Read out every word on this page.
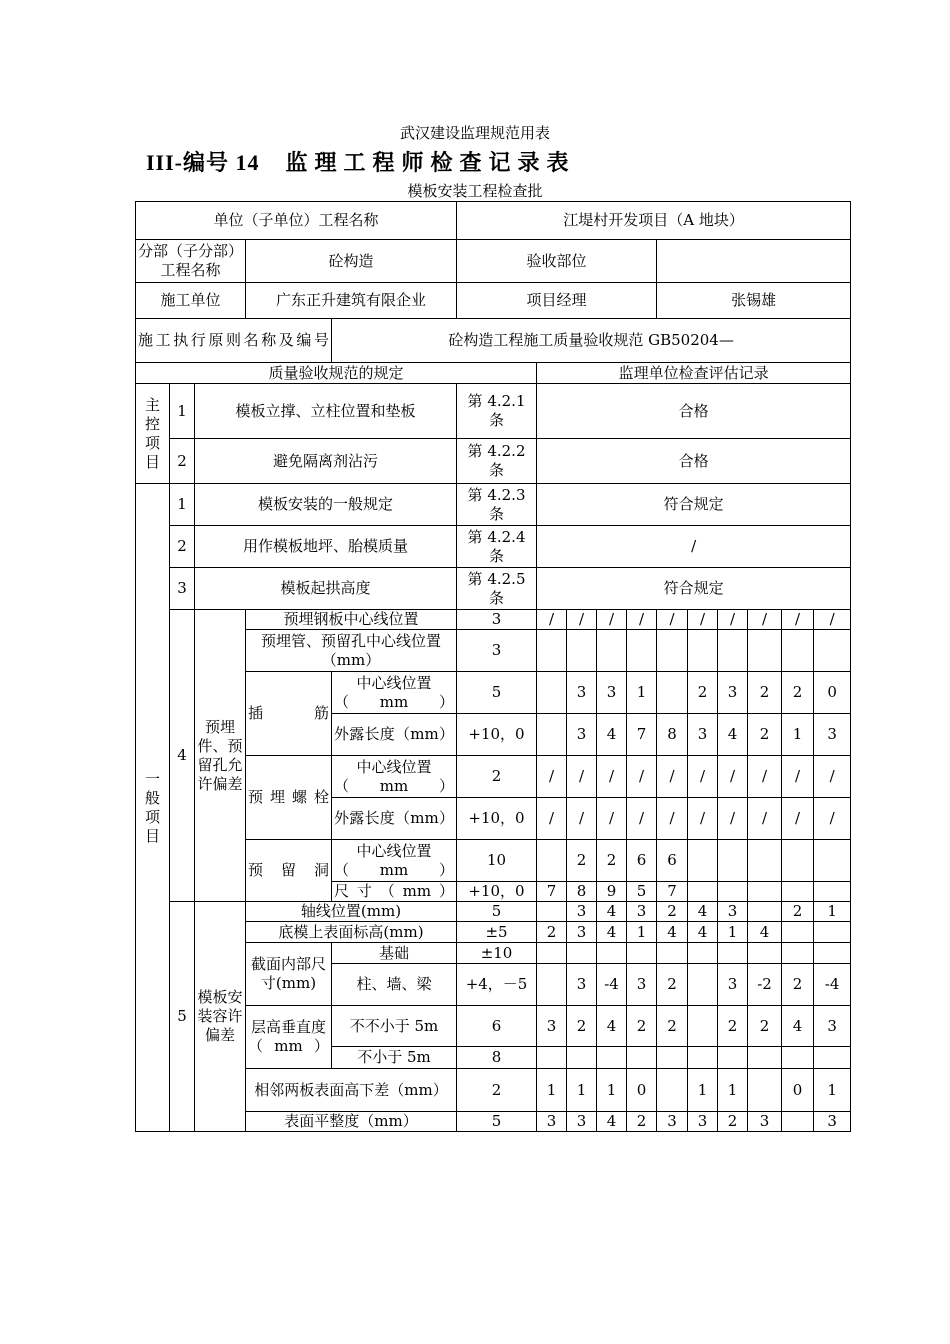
武汉建设监理规范用表
III-编号 14 监理工程师检查记录表
模板安装工程检查批
单位（子单位）工程名称					江堤村开发项目（A 地块）										
分部（子分部）工程名称			砼构造		验收部位										
施工单位			广东正升建筑有限企业		项目经理					张锡雄					
施工执行原则名称及编号				砼构造工程施工质量验收规范 GB50204—											
质量验收规范的规定						监理单位检查评估记录									
主控项目	1	模板立撑、立柱位置和垫板			第 4.2.1 条	合格									
	2	避免隔离剂沾污			第 4.2.2 条	合格									
一般项目	1	模板安装的一般规定			第 4.2.3 条	符合规定									
	2	用作模板地坪、胎模质量			第 4.2.4 条	/									
	3	模板起拱高度			第 4.2.5 条	符合规定									
	4	预埋件、预留孔允许偏差	预埋钢板中心线位置		3	/	/	/	/	/	/	/	/	/	/
			预埋管、预留孔中心线位置（mm）		3										
			插筋	中心线位置（mm）	5		3	3	1		2	3	2	2	0
				外露长度（mm）	+10，0		3	4	7	8	3	4	2	1	3
			预埋螺栓	中心线位置（mm）	2	/	/	/	/	/	/	/	/	/	/
				外露长度（mm）	+10，0	/	/	/	/	/	/	/	/	/	/
			预留洞	中心线位置（mm）	10		2	2	6	6					
				尺寸（mm）	+10，0	7	8	9	5	7					
	5	模板安装容许偏差	轴线位置(mm)		5		3	4	3	2	4	3		2	1
			底模上表面标高(mm)		±5	2	3	4	1	4	4	1	4		
			截面内部尺寸(mm)	基础	±10										
				柱、墙、梁	+4，－5		3	-4	3	2		3	-2	2	-4
			层高垂直度（mm）	不不小于 5m	6	3	2	4	2	2		2	2	4	3
				不小于 5m	8										
			相邻两板表面高下差（mm）		2	1	1	1	0		1	1		0	1
			表面平整度（mm）		5	3	3	4	2	3	3	2	3		3
